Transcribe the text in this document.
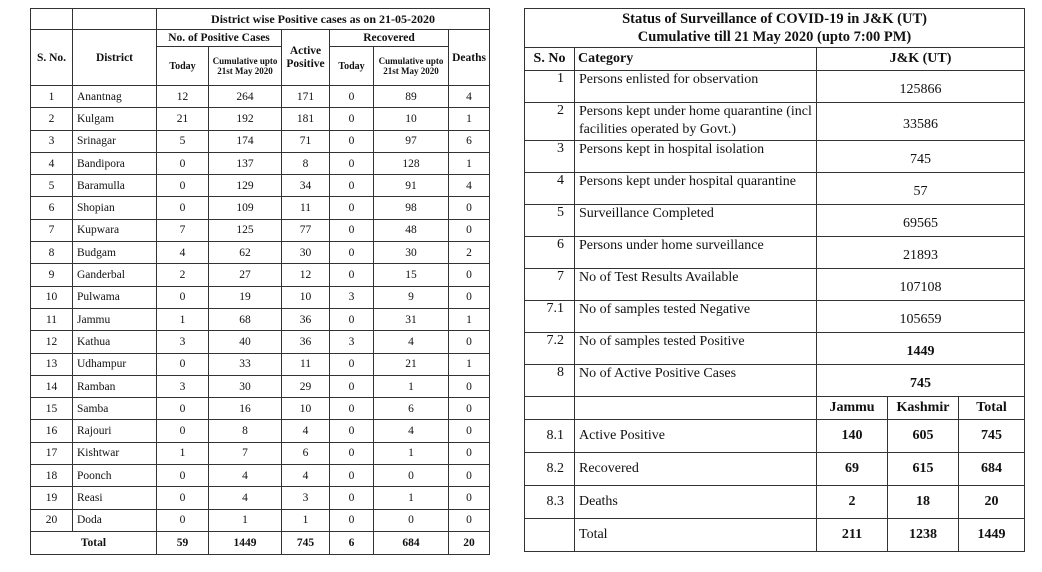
		District wise Positive cases as on 21-05-2020					
S. No.	District	No. of Positive Cases		Active Positive	Recovered		Deaths
		Today	Cumulative upto 21st May 2020		Today	Cumulative upto 21st May 2020	
1	Anantnag	12	264	171	0	89	4
2	Kulgam	21	192	181	0	10	1
3	Srinagar	5	174	71	0	97	6
4	Bandipora	0	137	8	0	128	1
5	Baramulla	0	129	34	0	91	4
6	Shopian	0	109	11	0	98	0
7	Kupwara	7	125	77	0	48	0
8	Budgam	4	62	30	0	30	2
9	Ganderbal	2	27	12	0	15	0
10	Pulwama	0	19	10	3	9	0
11	Jammu	1	68	36	0	31	1
12	Kathua	3	40	36	3	4	0
13	Udhampur	0	33	11	0	21	1
14	Ramban	3	30	29	0	1	0
15	Samba	0	16	10	0	6	0
16	Rajouri	0	8	4	0	4	0
17	Kishtwar	1	7	6	0	1	0
18	Poonch	0	4	4	0	0	0
19	Reasi	0	4	3	0	1	0
20	Doda	0	1	1	0	0	0
Total		59	1449	745	6	684	20
Status of Surveillance of COVID-19 in J&K (UT)
Cumulative till 21 May 2020 (upto 7:00 PM)				

S. No	Category	J&K (UT)		
1	Persons enlisted for observation	125866		
2	Persons kept under home quarantine (incl facilities operated by Govt.)	33586		
3	Persons kept in hospital isolation	745		
4	Persons kept under hospital quarantine	57		
5	Surveillance Completed	69565		
6	Persons under home surveillance	21893		
7	No of Test Results Available	107108		
7.1	No of samples tested Negative	105659		
7.2	No of samples tested Positive	1449		
8	No of Active Positive Cases	745		
		Jammu	Kashmir	Total
8.1	Active Positive	140	605	745
8.2	Recovered	69	615	684
8.3	Deaths	2	18	20
	Total	211	1238	1449
